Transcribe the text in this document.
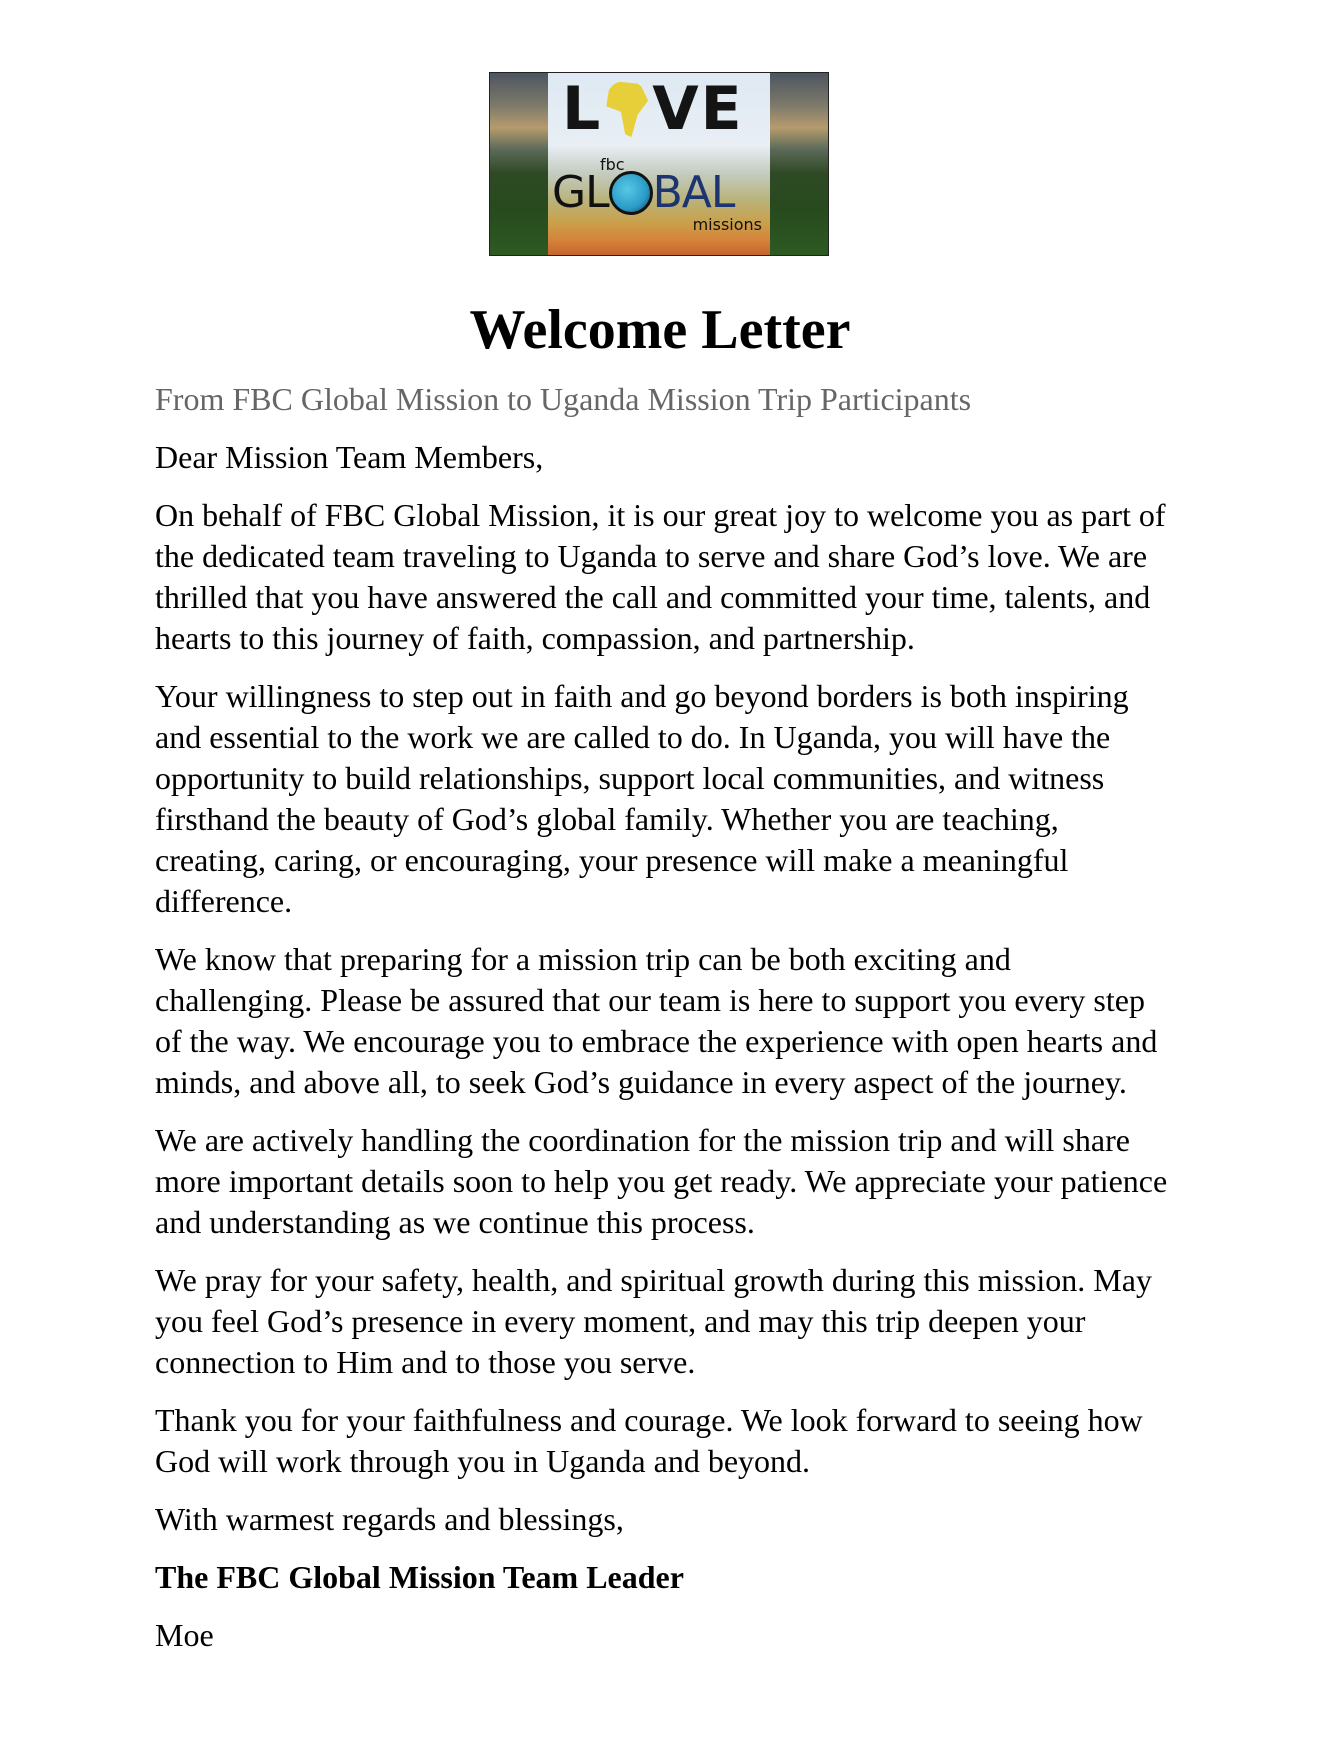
L VE
fbc
GL BAL
missions
Welcome Letter
From FBC Global Mission to Uganda Mission Trip Participants

Dear Mission Team Members,

On behalf of FBC Global Mission, it is our great joy to welcome you as part of the dedicated team traveling to Uganda to serve and share God’s love. We are thrilled that you have answered the call and committed your time, talents, and hearts to this journey of faith, compassion, and partnership.

Your willingness to step out in faith and go beyond borders is both inspiring and essential to the work we are called to do. In Uganda, you will have the opportunity to build relationships, support local communities, and witness firsthand the beauty of God’s global family. Whether you are teaching, creating, caring, or encouraging, your presence will make a meaningful difference.

We know that preparing for a mission trip can be both exciting and challenging. Please be assured that our team is here to support you every step of the way. We encourage you to embrace the experience with open hearts and minds, and above all, to seek God’s guidance in every aspect of the journey.

We are actively handling the coordination for the mission trip and will share more important details soon to help you get ready. We appreciate your patience and understanding as we continue this process.

We pray for your safety, health, and spiritual growth during this mission. May you feel God’s presence in every moment, and may this trip deepen your connection to Him and to those you serve.

Thank you for your faithfulness and courage. We look forward to seeing how God will work through you in Uganda and beyond.

With warmest regards and blessings,

The FBC Global Mission Team Leader

Moe
